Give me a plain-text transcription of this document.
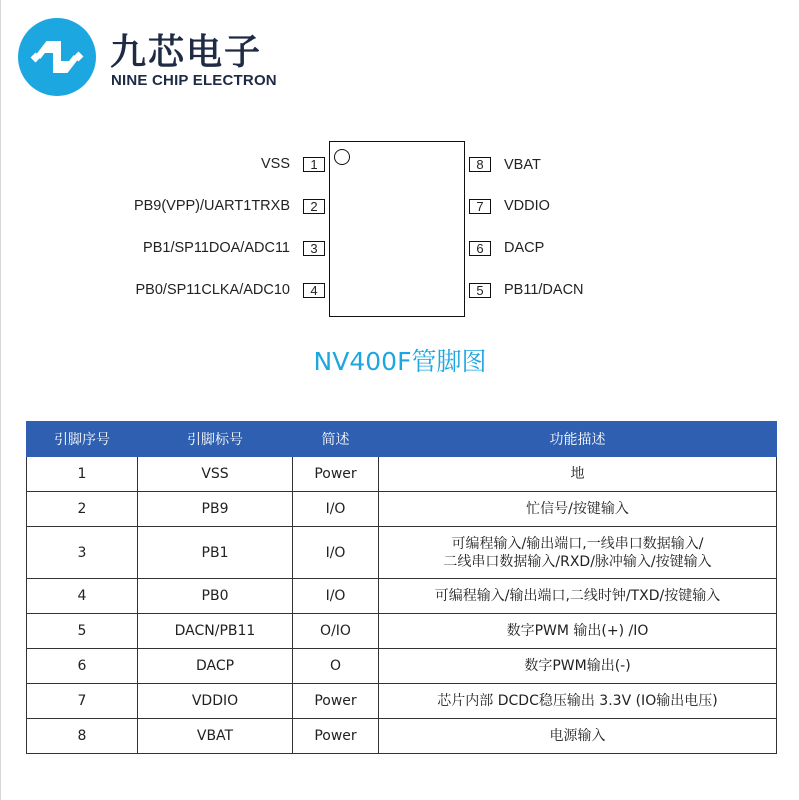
九芯电子
NINE CHIP ELECTRON
1
2
3
4
VSS
PB9(VPP)/UART1TRXB
PB1/SP11DOA/ADC11
PB0/SP11CLKA/ADC10
8
7
6
5
VBAT
VDDIO
DACP
PB11/DACN
NV400F管脚图
引脚序号	引脚标号	简述	功能描述
1	VSS	Power	地
2	PB9	I/O	忙信号/按键输入
3	PB1	I/O	可编程输入/输出端口,一线串口数据输入/
二线串口数据输入/RXD/脉冲输入/按键输入

4	PB0	I/O	可编程输入/输出端口,二线时钟/TXD/按键输入
5	DACN/PB11	O/IO	数字PWM 输出(+) /IO
6	DACP	O	数字PWM输出(-)
7	VDDIO	Power	芯片内部 DCDC稳压输出 3.3V (IO输出电压)
8	VBAT	Power	电源输入
